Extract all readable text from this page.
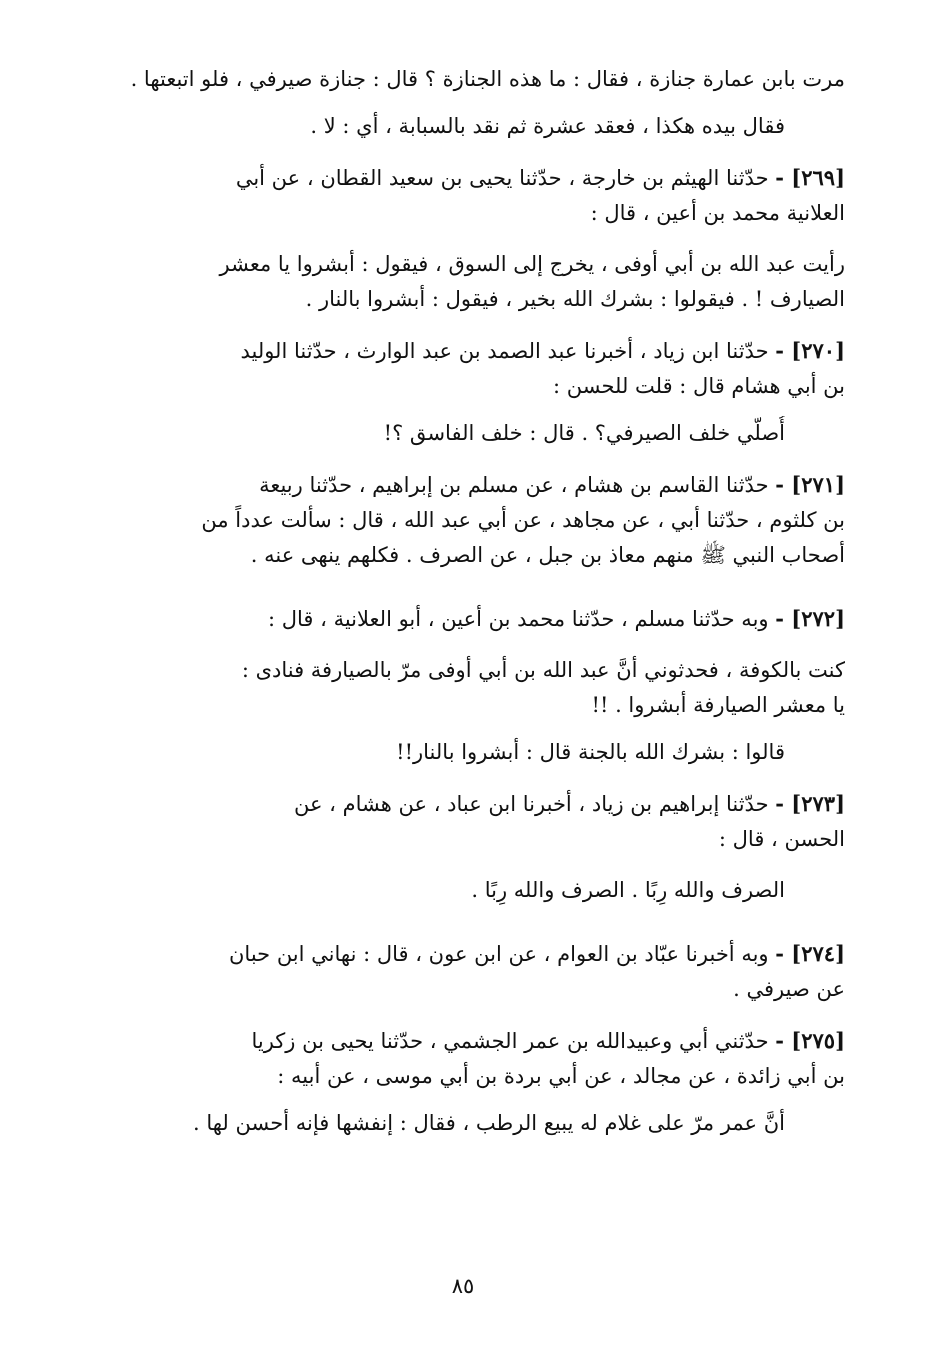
مرت بابن عمارة جنازة ، فقال : ما هذه الجنازة ؟ قال : جنازة صيرفي ، فلو اتبعتها .
فقال بيده هكذا ، فعقد عشرة ثم نقد بالسبابة ، أي : لا .
[٢٦٩] - حدّثنا الهيثم بن خارجة ، حدّثنا يحيى بن سعيد القطان ، عن أبي
العلانية محمد بن أعين ، قال :
رأيت عبد الله بن أبي أوفى ، يخرج إلى السوق ، فيقول : أبشروا يا معشر
الصيارف ! . فيقولوا : بشرك الله بخير ، فيقول : أبشروا بالنار .
[٢٧٠] - حدّثنا ابن زياد ، أخبرنا عبد الصمد بن عبد الوارث ، حدّثنا الوليد
بن أبي هشام قال : قلت للحسن :
أُصلّي خلف الصيرفي؟ . قال : خلف الفاسق ؟!
[٢٧١] - حدّثنا القاسم بن هشام ، عن مسلم بن إبراهيم ، حدّثنا ربيعة
بن كلثوم ، حدّثنا أبي ، عن مجاهد ، عن أبي عبد الله ، قال : سألت عدداً من
أصحاب النبي ﷺ منهم معاذ بن جبل ، عن الصرف . فكلهم ينهى عنه .
[٢٧٢] - وبه حدّثنا مسلم ، حدّثنا محمد بن أعين ، أبو العلانية ، قال :
كنت بالكوفة ، فحدثوني أنَّ عبد الله بن أبي أوفى مرّ بالصيارفة فنادى :
يا معشر الصيارفة أبشروا . !!
قالوا : بشرك الله بالجنة قال : أبشروا بالنار!!
[٢٧٣] - حدّثنا إبراهيم بن زياد ، أخبرنا ابن عباد ، عن هشام ، عن
الحسن ، قال :
الصرف والله رِبًا . الصرف والله رِبًا .
[٢٧٤] - وبه أخبرنا عبّاد بن العوام ، عن ابن عون ، قال : نهاني ابن حبان
عن صيرفي .
[٢٧٥] - حدّثني أبي وعبيدالله بن عمر الجشمي ، حدّثنا يحيى بن زكريا
بن أبي زائدة ، عن مجالد ، عن أبي بردة بن أبي موسى ، عن أبيه :
أنَّ عمر مرّ على غلام له يبيع الرطب ، فقال : إنفشها فإنه أحسن لها .
٨٥
